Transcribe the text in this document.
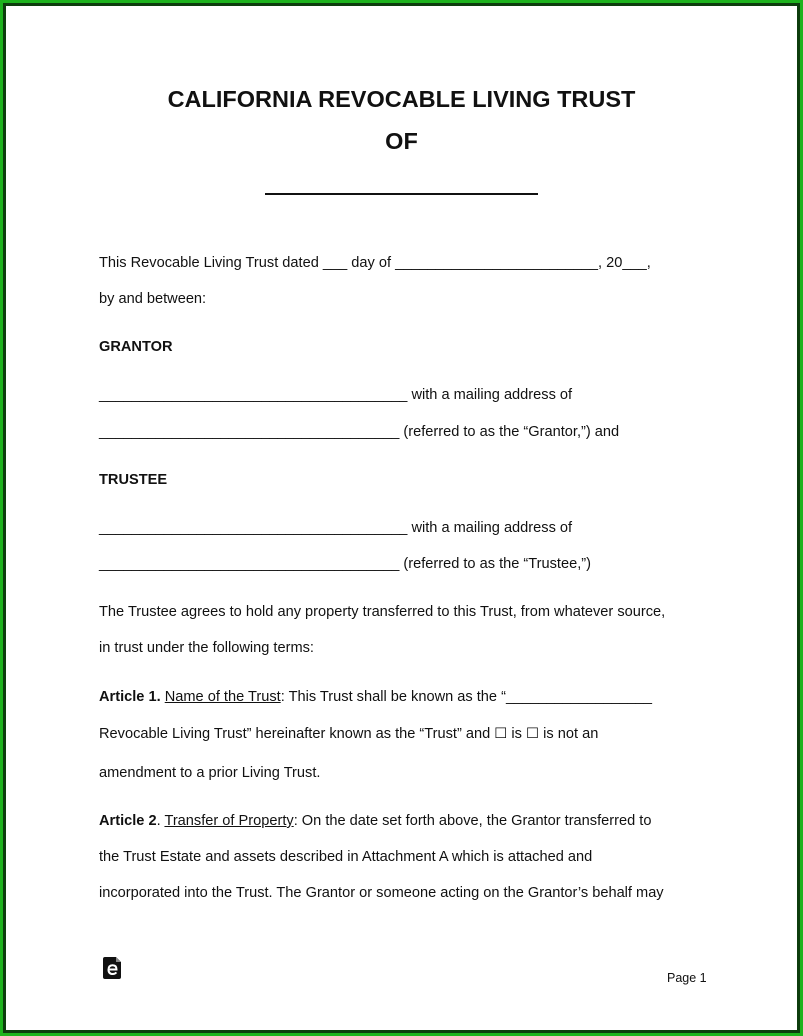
CALIFORNIA REVOCABLE LIVING TRUST
OF
This Revocable Living Trust dated ___ day of _________________________, 20___,
by and between:
GRANTOR
______________________________________ with a mailing address of
_____________________________________ (referred to as the “Grantor,”) and
TRUSTEE
______________________________________ with a mailing address of
_____________________________________ (referred to as the “Trustee,”)
The Trustee agrees to hold any property transferred to this Trust, from whatever source,
in trust under the following terms:
Article 1. Name of the Trust: This Trust shall be known as the “__________________
Revocable Living Trust” hereinafter known as the “Trust” and ☐ is ☐ is not an
amendment to a prior Living Trust.
Article 2. Transfer of Property: On the date set forth above, the Grantor transferred to
the Trust Estate and assets described in Attachment A which is attached and
incorporated into the Trust. The Grantor or someone acting on the Grantor’s behalf may
Page 1
